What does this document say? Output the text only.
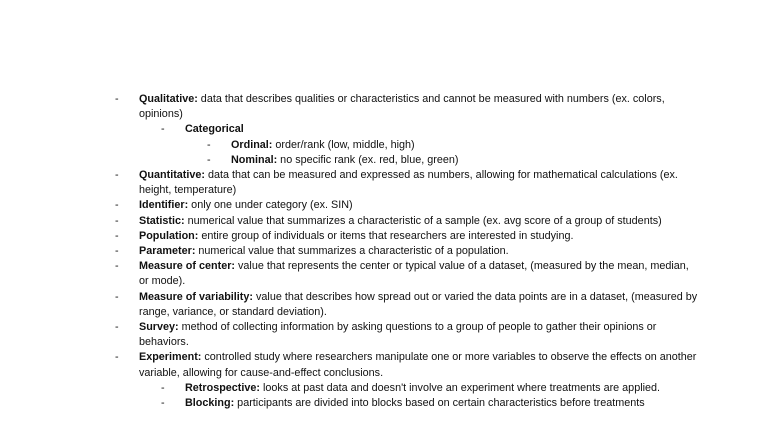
- Qualitative: data that describes qualities or characteristics and cannot be measured with numbers (ex. colors, opinions)
- Categorical
- Ordinal: order/rank (low, middle, high)
- Nominal: no specific rank (ex. red, blue, green)
- Quantitative: data that can be measured and expressed as numbers, allowing for mathematical calculations (ex. height, temperature)
- Identifier: only one under category (ex. SIN)
- Statistic: numerical value that summarizes a characteristic of a sample (ex. avg score of a group of students)
- Population: entire group of individuals or items that researchers are interested in studying.
- Parameter: numerical value that summarizes a characteristic of a population.
- Measure of center: value that represents the center or typical value of a dataset, (measured by the mean, median, or mode).
- Measure of variability: value that describes how spread out or varied the data points are in a dataset, (measured by range, variance, or standard deviation).
- Survey: method of collecting information by asking questions to a group of people to gather their opinions or behaviors.
- Experiment: controlled study where researchers manipulate one or more variables to observe the effects on another variable, allowing for cause-and-effect conclusions.
- Retrospective: looks at past data and doesn't involve an experiment where treatments are applied.
- Blocking: participants are divided into blocks based on certain characteristics before treatments
